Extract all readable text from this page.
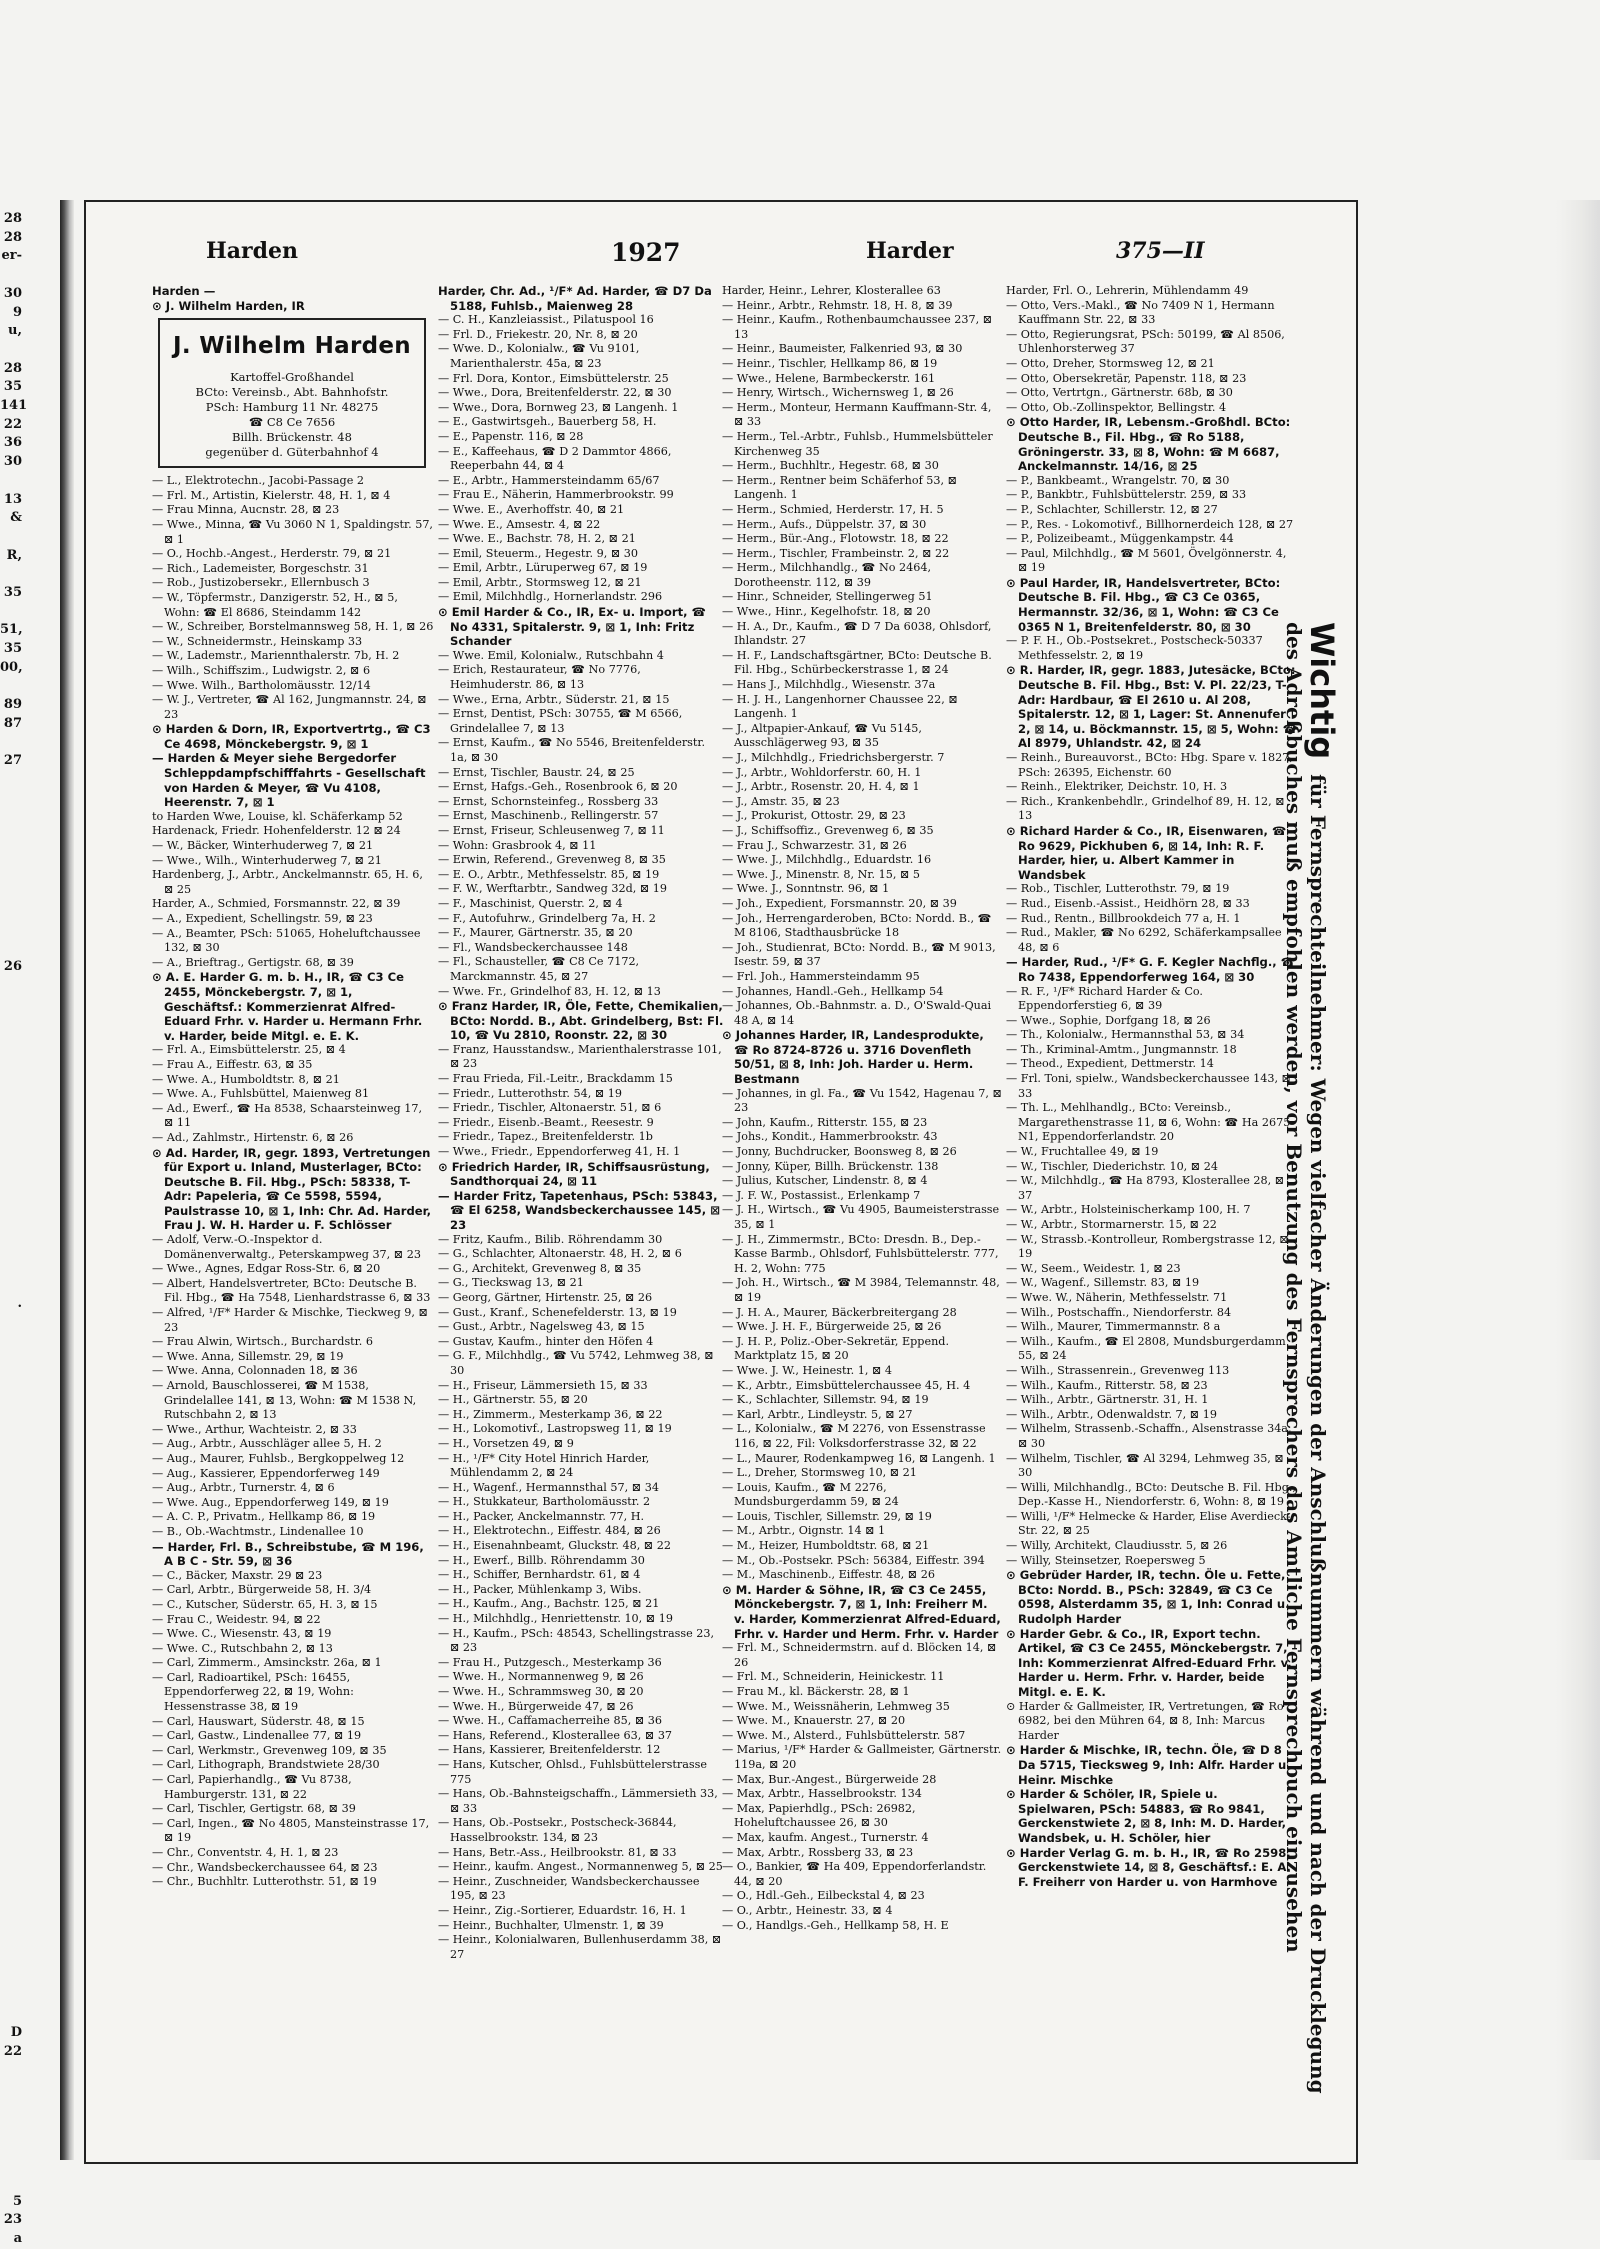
28
28
er-

30
9
u,

28
35
141
22
36
30

13
&

R,

35

51,
35
00,

89
87

27

26

.

D
22

5
23
a
Harden	1927	Harder	375—II

Harden —

⊙ J. Wilhelm Harden, IR

J. Wilhelm Harden
Kartoffel-Großhandel
BCto: Vereinsb., Abt. Bahnhofstr.
PSch: Hamburg 11 Nr. 48275
☎ C8 Ce 7656
Billh. Brückenstr. 48
gegenüber d. Güterbahnhof 4

— L., Elektrotechn., Jacobi-Passage 2

— Frl. M., Artistin, Kielerstr. 48, H. 1, ⊠ 4

— Frau Minna, Aucnstr. 28, ⊠ 23

— Wwe., Minna, ☎ Vu 3060 N 1, Spaldingstr. 57, ⊠ 1

— O., Hochb.-Angest., Herderstr. 79, ⊠ 21

— Rich., Lademeister, Borgeschstr. 31

— Rob., Justizobersekr., Ellernbusch 3

— W., Töpfermstr., Danzigerstr. 52, H., ⊠ 5, Wohn: ☎ El 8686, Steindamm 142

— W., Schreiber, Borstelmannsweg 58, H. 1, ⊠ 26

— W., Schneidermstr., Heinskamp 33

— W., Lademstr., Mariennthalerstr. 7b, H. 2

— Wilh., Schiffszim., Ludwigstr. 2, ⊠ 6

— Wwe. Wilh., Bartholomäusstr. 12/14

— W. J., Vertreter, ☎ Al 162, Jungmannstr. 24, ⊠ 23

⊙ Harden & Dorn, IR, Exportvertrtg., ☎ C3 Ce 4698, Mönckebergstr. 9, ⊠ 1

— Harden & Meyer siehe Bergedorfer Schleppdampfschifffahrts - Gesellschaft von Harden & Meyer, ☎ Vu 4108, Heerenstr. 7, ⊠ 1

to Harden Wwe, Louise, kl. Schäferkamp 52

Hardenack, Friedr. Hohenfelderstr. 12 ⊠ 24

— W., Bäcker, Winterhuderweg 7, ⊠ 21

— Wwe., Wilh., Winterhuderweg 7, ⊠ 21

Hardenberg, J., Arbtr., Anckelmannstr. 65, H. 6, ⊠ 25

Harder, A., Schmied, Forsmannstr. 22, ⊠ 39

— A., Expedient, Schellingstr. 59, ⊠ 23

— A., Beamter, PSch: 51065, Hoheluftchaussee 132, ⊠ 30

— A., Brieftrag., Gertigstr. 68, ⊠ 39

⊙ A. E. Harder G. m. b. H., IR, ☎ C3 Ce 2455, Mönckebergstr. 7, ⊠ 1, Geschäftsf.: Kommerzienrat Alfred-Eduard Frhr. v. Harder u. Hermann Frhr. v. Harder, beide Mitgl. e. E. K.

— Frl. A., Eimsbüttelerstr. 25, ⊠ 4

— Frau A., Eiffestr. 63, ⊠ 35

— Wwe. A., Humboldtstr. 8, ⊠ 21

— Wwe. A., Fuhlsbüttel, Maienweg 81

— Ad., Ewerf., ☎ Ha 8538, Schaarsteinweg 17, ⊠ 11

— Ad., Zahlmstr., Hirtenstr. 6, ⊠ 26

⊙ Ad. Harder, IR, gegr. 1893, Vertretungen für Export u. Inland, Musterlager, BCto: Deutsche B. Fil. Hbg., PSch: 58338, T-Adr: Papeleria, ☎ Ce 5598, 5594, Paulstrasse 10, ⊠ 1, Inh: Chr. Ad. Harder, Frau J. W. H. Harder u. F. Schlösser

— Adolf, Verw.-O.-Inspektor d. Domänenverwaltg., Peterskampweg 37, ⊠ 23

— Wwe., Agnes, Edgar Ross-Str. 6, ⊠ 20

— Albert, Handelsvertreter, BCto: Deutsche B. Fil. Hbg., ☎ Ha 7548, Lienhardstrasse 6, ⊠ 33

— Alfred, ¹/F* Harder & Mischke, Tieckweg 9, ⊠ 23

— Frau Alwin, Wirtsch., Burchardstr. 6

— Wwe. Anna, Sillemstr. 29, ⊠ 19

— Wwe. Anna, Colonnaden 18, ⊠ 36

— Arnold, Bauschlosserei, ☎ M 1538, Grindelallee 141, ⊠ 13, Wohn: ☎ M 1538 N, Rutschbahn 2, ⊠ 13

— Wwe., Arthur, Wachteistr. 2, ⊠ 33

— Aug., Arbtr., Ausschläger allee 5, H. 2

— Aug., Maurer, Fuhlsb., Bergkoppelweg 12

— Aug., Kassierer, Eppendorferweg 149

— Aug., Arbtr., Turnerstr. 4, ⊠ 6

— Wwe. Aug., Eppendorferweg 149, ⊠ 19

— A. C. P., Privatm., Hellkamp 86, ⊠ 19

— B., Ob.-Wachtmstr., Lindenallee 10

— Harder, Frl. B., Schreibstube, ☎ M 196, A B C - Str. 59, ⊠ 36

— C., Bäcker, Maxstr. 29 ⊠ 23

— Carl, Arbtr., Bürgerweide 58, H. 3/4

— C., Kutscher, Süderstr. 65, H. 3, ⊠ 15

— Frau C., Weidestr. 94, ⊠ 22

— Wwe. C., Wiesenstr. 43, ⊠ 19

— Wwe. C., Rutschbahn 2, ⊠ 13

— Carl, Zimmerm., Amsinckstr. 26a, ⊠ 1

— Carl, Radioartikel, PSch: 16455, Eppendorferweg 22, ⊠ 19, Wohn: Hessenstrasse 38, ⊠ 19

— Carl, Hauswart, Süderstr. 48, ⊠ 15

— Carl, Gastw., Lindenallee 77, ⊠ 19

— Carl, Werkmstr., Grevenweg 109, ⊠ 35

— Carl, Lithograph, Brandstwiete 28/30

— Carl, Papierhandlg., ☎ Vu 8738, Hamburgerstr. 131, ⊠ 22

— Carl, Tischler, Gertigstr. 68, ⊠ 39

— Carl, Ingen., ☎ No 4805, Mansteinstrasse 17, ⊠ 19

— Chr., Conventstr. 4, H. 1, ⊠ 23

— Chr., Wandsbeckerchaussee 64, ⊠ 23

— Chr., Buchhltr. Lutterothstr. 51, ⊠ 19

Harder, Chr. Ad., ¹/F* Ad. Harder, ☎ D7 Da 5188, Fuhlsb., Maienweg 28

— C. H., Kanzleiassist., Pilatuspool 16

— Frl. D., Friekestr. 20, Nr. 8, ⊠ 20

— Wwe. D., Kolonialw., ☎ Vu 9101, Marienthalerstr. 45a, ⊠ 23

— Frl. Dora, Kontor., Eimsbüttelerstr. 25

— Wwe., Dora, Breitenfelderstr. 22, ⊠ 30

— Wwe., Dora, Bornweg 23, ⊠ Langenh. 1

— E., Gastwirtsgeh., Bauerberg 58, H.

— E., Papenstr. 116, ⊠ 28

— E., Kaffeehaus, ☎ D 2 Dammtor 4866, Reeperbahn 44, ⊠ 4

— E., Arbtr., Hammersteindamm 65/67

— Frau E., Näherin, Hammerbrookstr. 99

— Wwe. E., Averhoffstr. 40, ⊠ 21

— Wwe. E., Amsestr. 4, ⊠ 22

— Wwe. E., Bachstr. 78, H. 2, ⊠ 21

— Emil, Steuerm., Hegestr. 9, ⊠ 30

— Emil, Arbtr., Lüruperweg 67, ⊠ 19

— Emil, Arbtr., Stormsweg 12, ⊠ 21

— Emil, Milchhdlg., Hornerlandstr. 296

⊙ Emil Harder & Co., IR, Ex- u. Import, ☎ No 4331, Spitalerstr. 9, ⊠ 1, Inh: Fritz Schander

— Wwe. Emil, Kolonialw., Rutschbahn 4

— Erich, Restaurateur, ☎ No 7776, Heimhuderstr. 86, ⊠ 13

— Wwe., Erna, Arbtr., Süderstr. 21, ⊠ 15

— Ernst, Dentist, PSch: 30755, ☎ M 6566, Grindelallee 7, ⊠ 13

— Ernst, Kaufm., ☎ No 5546, Breitenfelderstr. 1a, ⊠ 30

— Ernst, Tischler, Baustr. 24, ⊠ 25

— Ernst, Hafgs.-Geh., Rosenbrook 6, ⊠ 20

— Ernst, Schornsteinfeg., Rossberg 33

— Ernst, Maschinenb., Rellingerstr. 57

— Ernst, Friseur, Schleusenweg 7, ⊠ 11

— Wohn: Grasbrook 4, ⊠ 11

— Erwin, Referend., Grevenweg 8, ⊠ 35

— E. O., Arbtr., Methfesselstr. 85, ⊠ 19

— F. W., Werftarbtr., Sandweg 32d, ⊠ 19

— F., Maschinist, Querstr. 2, ⊠ 4

— F., Autofuhrw., Grindelberg 7a, H. 2

— F., Maurer, Gärtnerstr. 35, ⊠ 20

— Fl., Wandsbeckerchaussee 148

— Fl., Schausteller, ☎ C8 Ce 7172, Marckmannstr. 45, ⊠ 27

— Wwe. Fr., Grindelhof 83, H. 12, ⊠ 13

⊙ Franz Harder, IR, Öle, Fette, Chemikalien, BCto: Nordd. B., Abt. Grindelberg, Bst: Fl. 10, ☎ Vu 2810, Roonstr. 22, ⊠ 30

— Franz, Hausstandsw., Marienthalerstrasse 101, ⊠ 23

— Frau Frieda, Fil.-Leitr., Brackdamm 15

— Friedr., Lutterothstr. 54, ⊠ 19

— Friedr., Tischler, Altonaerstr. 51, ⊠ 6

— Friedr., Eisenb.-Beamt., Reesestr. 9

— Friedr., Tapez., Breitenfelderstr. 1b

— Wwe., Friedr., Eppendorferweg 41, H. 1

⊙ Friedrich Harder, IR, Schiffsausrüstung, Sandthorquai 24, ⊠ 11

— Harder Fritz, Tapetenhaus, PSch: 53843, ☎ El 6258, Wandsbeckerchaussee 145, ⊠ 23

— Fritz, Kaufm., Bilib. Röhrendamm 30

— G., Schlachter, Altonaerstr. 48, H. 2, ⊠ 6

— G., Architekt, Grevenweg 8, ⊠ 35

— G., Tieckswag 13, ⊠ 21

— Georg, Gärtner, Hirtenstr. 25, ⊠ 26

— Gust., Kranf., Schenefelderstr. 13, ⊠ 19

— Gust., Arbtr., Nagelsweg 43, ⊠ 15

— Gustav, Kaufm., hinter den Höfen 4

— G. F., Milchhdlg., ☎ Vu 5742, Lehmweg 38, ⊠ 30

— H., Friseur, Lämmersieth 15, ⊠ 33

— H., Gärtnerstr. 55, ⊠ 20

— H., Zimmerm., Mesterkamp 36, ⊠ 22

— H., Lokomotivf., Lastropsweg 11, ⊠ 19

— H., Vorsetzen 49, ⊠ 9

— H., ¹/F* City Hotel Hinrich Harder, Mühlendamm 2, ⊠ 24

— H., Wagenf., Hermannsthal 57, ⊠ 34

— H., Stukkateur, Bartholomäusstr. 2

— H., Packer, Anckelmannstr. 77, H.

— H., Elektrotechn., Eiffestr. 484, ⊠ 26

— H., Eisenahnbeamt, Gluckstr. 48, ⊠ 22

— H., Ewerf., Billb. Röhrendamm 30

— H., Schiffer, Bernhardstr. 61, ⊠ 4

— H., Packer, Mühlenkamp 3, Wibs.

— H., Kaufm., Ang., Bachstr. 125, ⊠ 21

— H., Milchhdlg., Henriettenstr. 10, ⊠ 19

— H., Kaufm., PSch: 48543, Schellingstrasse 23, ⊠ 23

— Frau H., Putzgesch., Mesterkamp 36

— Wwe. H., Normannenweg 9, ⊠ 26

— Wwe. H., Schrammsweg 30, ⊠ 20

— Wwe. H., Bürgerweide 47, ⊠ 26

— Wwe. H., Caffamacherreihe 85, ⊠ 36

— Hans, Referend., Klosterallee 63, ⊠ 37

— Hans, Kassierer, Breitenfelderstr. 12

— Hans, Kutscher, Ohlsd., Fuhlsbüttelerstrasse 775

— Hans, Ob.-Bahnsteigschaffn., Lämmersieth 33, ⊠ 33

— Hans, Ob.-Postsekr., Postscheck-36844, Hasselbrookstr. 134, ⊠ 23

— Hans, Betr.-Ass., Heilbrookstr. 81, ⊠ 33

— Heinr., kaufm. Angest., Normannenweg 5, ⊠ 25

— Heinr., Zuschneider, Wandsbeckerchaussee 195, ⊠ 23

— Heinr., Zig.-Sortierer, Eduardstr. 16, H. 1

— Heinr., Buchhalter, Ulmenstr. 1, ⊠ 39

— Heinr., Kolonialwaren, Bullenhuserdamm 38, ⊠ 27

Harder, Heinr., Lehrer, Klosterallee 63

— Heinr., Arbtr., Rehmstr. 18, H. 8, ⊠ 39

— Heinr., Kaufm., Rothenbaumchaussee 237, ⊠ 13

— Heinr., Baumeister, Falkenried 93, ⊠ 30

— Heinr., Tischler, Hellkamp 86, ⊠ 19

— Wwe., Helene, Barmbeckerstr. 161

— Henry, Wirtsch., Wichernsweg 1, ⊠ 26

— Herm., Monteur, Hermann Kauffmann-Str. 4, ⊠ 33

— Herm., Tel.-Arbtr., Fuhlsb., Hummelsbütteler Kirchenweg 35

— Herm., Buchhltr., Hegestr. 68, ⊠ 30

— Herm., Rentner beim Schäferhof 53, ⊠ Langenh. 1

— Herm., Schmied, Herderstr. 17, H. 5

— Herm., Aufs., Düppelstr. 37, ⊠ 30

— Herm., Bür.-Ang., Flotowstr. 18, ⊠ 22

— Herm., Tischler, Frambeinstr. 2, ⊠ 22

— Herm., Milchhandlg., ☎ No 2464, Dorotheenstr. 112, ⊠ 39

— Hinr., Schneider, Stellingerweg 51

— Wwe., Hinr., Kegelhofstr. 18, ⊠ 20

— H. A., Dr., Kaufm., ☎ D 7 Da 6038, Ohlsdorf, Ihlandstr. 27

— H. F., Landschaftsgärtner, BCto: Deutsche B. Fil. Hbg., Schürbeckerstrasse 1, ⊠ 24

— Hans J., Milchhdlg., Wiesenstr. 37a

— H. J. H., Langenhorner Chaussee 22, ⊠ Langenh. 1

— J., Altpapier-Ankauf, ☎ Vu 5145, Ausschlägerweg 93, ⊠ 35

— J., Milchhdlg., Friedrichsbergerstr. 7

— J., Arbtr., Wohldorferstr. 60, H. 1

— J., Arbtr., Rosenstr. 20, H. 4, ⊠ 1

— J., Amstr. 35, ⊠ 23

— J., Prokurist, Ottostr. 29, ⊠ 23

— J., Schiffsoffiz., Grevenweg 6, ⊠ 35

— Frau J., Schwarzestr. 31, ⊠ 26

— Wwe. J., Milchhdlg., Eduardstr. 16

— Wwe. J., Minenstr. 8, Nr. 15, ⊠ 5

— Wwe. J., Sonntnstr. 96, ⊠ 1

— Joh., Expedient, Forsmannstr. 20, ⊠ 39

— Joh., Herrengarderoben, BCto: Nordd. B., ☎ M 8106, Stadthausbrücke 18

— Joh., Studienrat, BCto: Nordd. B., ☎ M 9013, Isestr. 59, ⊠ 37

— Frl. Joh., Hammersteindamm 95

— Johannes, Handl.-Geh., Hellkamp 54

— Johannes, Ob.-Bahnmstr. a. D., O'Swald-Quai 48 A, ⊠ 14

⊙ Johannes Harder, IR, Landesprodukte, ☎ Ro 8724-8726 u. 3716 Dovenfleth 50/51, ⊠ 8, Inh: Joh. Harder u. Herm. Bestmann

— Johannes, in gl. Fa., ☎ Vu 1542, Hagenau 7, ⊠ 23

— John, Kaufm., Ritterstr. 155, ⊠ 23

— Johs., Kondit., Hammerbrookstr. 43

— Jonny, Buchdrucker, Boonsweg 8, ⊠ 26

— Jonny, Küper, Billh. Brückenstr. 138

— Julius, Kutscher, Lindenstr. 8, ⊠ 4

— J. F. W., Postassist., Erlenkamp 7

— J. H., Wirtsch., ☎ Vu 4905, Baumeisterstrasse 35, ⊠ 1

— J. H., Zimmermstr., BCto: Dresdn. B., Dep.-Kasse Barmb., Ohlsdorf, Fuhlsbüttelerstr. 777, H. 2, Wohn: 775

— Joh. H., Wirtsch., ☎ M 3984, Telemannstr. 48, ⊠ 19

— J. H. A., Maurer, Bäckerbreitergang 28

— Wwe. J. H. F., Bürgerweide 25, ⊠ 26

— J. H. P., Poliz.-Ober-Sekretär, Eppend. Marktplatz 15, ⊠ 20

— Wwe. J. W., Heinestr. 1, ⊠ 4

— K., Arbtr., Eimsbüttelerchaussee 45, H. 4

— K., Schlachter, Sillemstr. 94, ⊠ 19

— Karl, Arbtr., Lindleystr. 5, ⊠ 27

— L., Kolonialw., ☎ M 2276, von Essenstrasse 116, ⊠ 22, Fil: Volksdorferstrasse 32, ⊠ 22

— L., Maurer, Rodenkampweg 16, ⊠ Langenh. 1

— L., Dreher, Stormsweg 10, ⊠ 21

— Louis, Kaufm., ☎ M 2276, Mundsburgerdamm 59, ⊠ 24

— Louis, Tischler, Sillemstr. 29, ⊠ 19

— M., Arbtr., Oignstr. 14 ⊠ 1

— M., Heizer, Humboldtstr. 68, ⊠ 21

— M., Ob.-Postsekr. PSch: 56384, Eiffestr. 394

— M., Maschinenb., Eiffestr. 48, ⊠ 26

⊙ M. Harder & Söhne, IR, ☎ C3 Ce 2455, Mönckebergstr. 7, ⊠ 1, Inh: Freiherr M. v. Harder, Kommerzienrat Alfred-Eduard, Frhr. v. Harder und Herm. Frhr. v. Harder

— Frl. M., Schneidermstrn. auf d. Blöcken 14, ⊠ 26

— Frl. M., Schneiderin, Heinickestr. 11

— Frau M., kl. Bäckerstr. 28, ⊠ 1

— Wwe. M., Weissnäherin, Lehmweg 35

— Wwe. M., Knauerstr. 27, ⊠ 20

— Wwe. M., Alsterd., Fuhlsbüttelerstr. 587

— Marius, ¹/F* Harder & Gallmeister, Gärtnerstr. 119a, ⊠ 20

— Max, Bur.-Angest., Bürgerweide 28

— Max, Arbtr., Hasselbrookstr. 134

— Max, Papierhdlg., PSch: 26982, Hoheluftchaussee 26, ⊠ 30

— Max, kaufm. Angest., Turnerstr. 4

— Max, Arbtr., Rossberg 33, ⊠ 23

— O., Bankier, ☎ Ha 409, Eppendorferlandstr. 44, ⊠ 20

— O., Hdl.-Geh., Eilbeckstal 4, ⊠ 23

— O., Arbtr., Heinestr. 33, ⊠ 4

— O., Handlgs.-Geh., Hellkamp 58, H. E

Harder, Frl. O., Lehrerin, Mühlendamm 49

— Otto, Vers.-Makl., ☎ No 7409 N 1, Hermann Kauffmann Str. 22, ⊠ 33

— Otto, Regierungsrat, PSch: 50199, ☎ Al 8506, Uhlenhorsterweg 37

— Otto, Dreher, Stormsweg 12, ⊠ 21

— Otto, Obersekretär, Papenstr. 118, ⊠ 23

— Otto, Vertrtgn., Gärtnerstr. 68b, ⊠ 30

— Otto, Ob.-Zollinspektor, Bellingstr. 4

⊙ Otto Harder, IR, Lebensm.-Großhdl. BCto: Deutsche B., Fil. Hbg., ☎ Ro 5188, Gröningerstr. 33, ⊠ 8, Wohn: ☎ M 6687, Anckelmannstr. 14/16, ⊠ 25

— P., Bankbeamt., Wrangelstr. 70, ⊠ 30

— P., Bankbtr., Fuhlsbüttelerstr. 259, ⊠ 33

— P., Schlachter, Schillerstr. 12, ⊠ 27

— P., Res. - Lokomotivf., Billhornerdeich 128, ⊠ 27

— P., Polizeibeamt., Müggenkampstr. 44

— Paul, Milchhdlg., ☎ M 5601, Övelgönnerstr. 4, ⊠ 19

⊙ Paul Harder, IR, Handelsvertreter, BCto: Deutsche B. Fil. Hbg., ☎ C3 Ce 0365, Hermannstr. 32/36, ⊠ 1, Wohn: ☎ C3 Ce 0365 N 1, Breitenfelderstr. 80, ⊠ 30

— P. F. H., Ob.-Postsekret., Postscheck-50337 Methfesselstr. 2, ⊠ 19

⊙ R. Harder, IR, gegr. 1883, Jutesäcke, BCto: Deutsche B. Fil. Hbg., Bst: V. Pl. 22/23, T-Adr: Hardbaur, ☎ El 2610 u. Al 208, Spitalerstr. 12, ⊠ 1, Lager: St. Annenufer 2, ⊠ 14, u. Böckmannstr. 15, ⊠ 5, Wohn: ☎ Al 8979, Uhlandstr. 42, ⊠ 24

— Reinh., Bureauvorst., BCto: Hbg. Spare v. 1827, PSch: 26395, Eichenstr. 60

— Reinh., Elektriker, Deichstr. 10, H. 3

— Rich., Krankenbehdlr., Grindelhof 89, H. 12, ⊠ 13

⊙ Richard Harder & Co., IR, Eisenwaren, ☎ Ro 9629, Pickhuben 6, ⊠ 14, Inh: R. F. Harder, hier, u. Albert Kammer in Wandsbek

— Rob., Tischler, Lutterothstr. 79, ⊠ 19

— Rud., Eisenb.-Assist., Heidhörn 28, ⊠ 33

— Rud., Rentn., Billbrookdeich 77 a, H. 1

— Rud., Makler, ☎ No 6292, Schäferkampsallee 48, ⊠ 6

— Harder, Rud., ¹/F* G. F. Kegler Nachflg., ☎ Ro 7438, Eppendorferweg 164, ⊠ 30

— R. F., ¹/F* Richard Harder & Co. Eppendorferstieg 6, ⊠ 39

— Wwe., Sophie, Dorfgang 18, ⊠ 26

— Th., Kolonialw., Hermannsthal 53, ⊠ 34

— Th., Kriminal-Amtm., Jungmannstr. 18

— Theod., Expedient, Dettmerstr. 14

— Frl. Toni, spielw., Wandsbeckerchaussee 143, ⊠ 33

— Th. L., Mehlhandlg., BCto: Vereinsb., Margarethenstrasse 11, ⊠ 6, Wohn: ☎ Ha 2675 N1, Eppendorferlandstr. 20

— W., Fruchtallee 49, ⊠ 19

— W., Tischler, Diederichstr. 10, ⊠ 24

— W., Milchhdlg., ☎ Ha 8793, Klosterallee 28, ⊠ 37

— W., Arbtr., Holsteinischerkamp 100, H. 7

— W., Arbtr., Stormarnerstr. 15, ⊠ 22

— W., Strassb.-Kontrolleur, Rombergstrasse 12, ⊠ 19

— W., Seem., Weidestr. 1, ⊠ 23

— W., Wagenf., Sillemstr. 83, ⊠ 19

— Wwe. W., Näherin, Methfesselstr. 71

— Wilh., Postschaffn., Niendorferstr. 84

— Wilh., Maurer, Timmermannstr. 8 a

— Wilh., Kaufm., ☎ El 2808, Mundsburgerdamm 55, ⊠ 24

— Wilh., Strassenrein., Grevenweg 113

— Wilh., Kaufm., Ritterstr. 58, ⊠ 23

— Wilh., Arbtr., Gärtnerstr. 31, H. 1

— Wilh., Arbtr., Odenwaldstr. 7, ⊠ 19

— Wilhelm, Strassenb.-Schaffn., Alsenstrasse 34a, ⊠ 30

— Wilhelm, Tischler, ☎ Al 3294, Lehmweg 35, ⊠ 30

— Willi, Milchhandlg., BCto: Deutsche B. Fil. Hbg., Dep.-Kasse H., Niendorferstr. 6, Wohn: 8, ⊠ 19

— Willi, ¹/F* Helmecke & Harder, Elise Averdieck-Str. 22, ⊠ 25

— Willy, Architekt, Claudiusstr. 5, ⊠ 26

— Willy, Steinsetzer, Roepersweg 5

⊙ Gebrüder Harder, IR, techn. Öle u. Fette, BCto: Nordd. B., PSch: 32849, ☎ C3 Ce 0598, Alsterdamm 35, ⊠ 1, Inh: Conrad u. Rudolph Harder

⊙ Harder Gebr. & Co., IR, Export techn. Artikel, ☎ C3 Ce 2455, Mönckebergstr. 7, Inh: Kommerzienrat Alfred-Eduard Frhr. v. Harder u. Herm. Frhr. v. Harder, beide Mitgl. e. E. K.

⊙ Harder & Gallmeister, IR, Vertretungen, ☎ Ro 6982, bei den Mühren 64, ⊠ 8, Inh: Marcus Harder

⊙ Harder & Mischke, IR, techn. Öle, ☎ D 8 Da 5715, Tiecksweg 9, Inh: Alfr. Harder u. Heinr. Mischke

⊙ Harder & Schöler, IR, Spiele u. Spielwaren, PSch: 54883, ☎ Ro 9841, Gerckenstwiete 2, ⊠ 8, Inh: M. D. Harder, Wandsbek, u. H. Schöler, hier

⊙ Harder Verlag G. m. b. H., IR, ☎ Ro 2598, Gerckenstwiete 14, ⊠ 8, Geschäftsf.: E. A. F. Freiherr von Harder u. von Harmhove

Wichtig für Fernsprechteilnehmer: Wegen vielfacher Änderungen der Anschlußnummern während und nach der Drucklegung
des Adreßbuches muß empfohlen werden, vor Benutzung des Fernsprechers das Amtliche Fernsprechbuch einzusehen
